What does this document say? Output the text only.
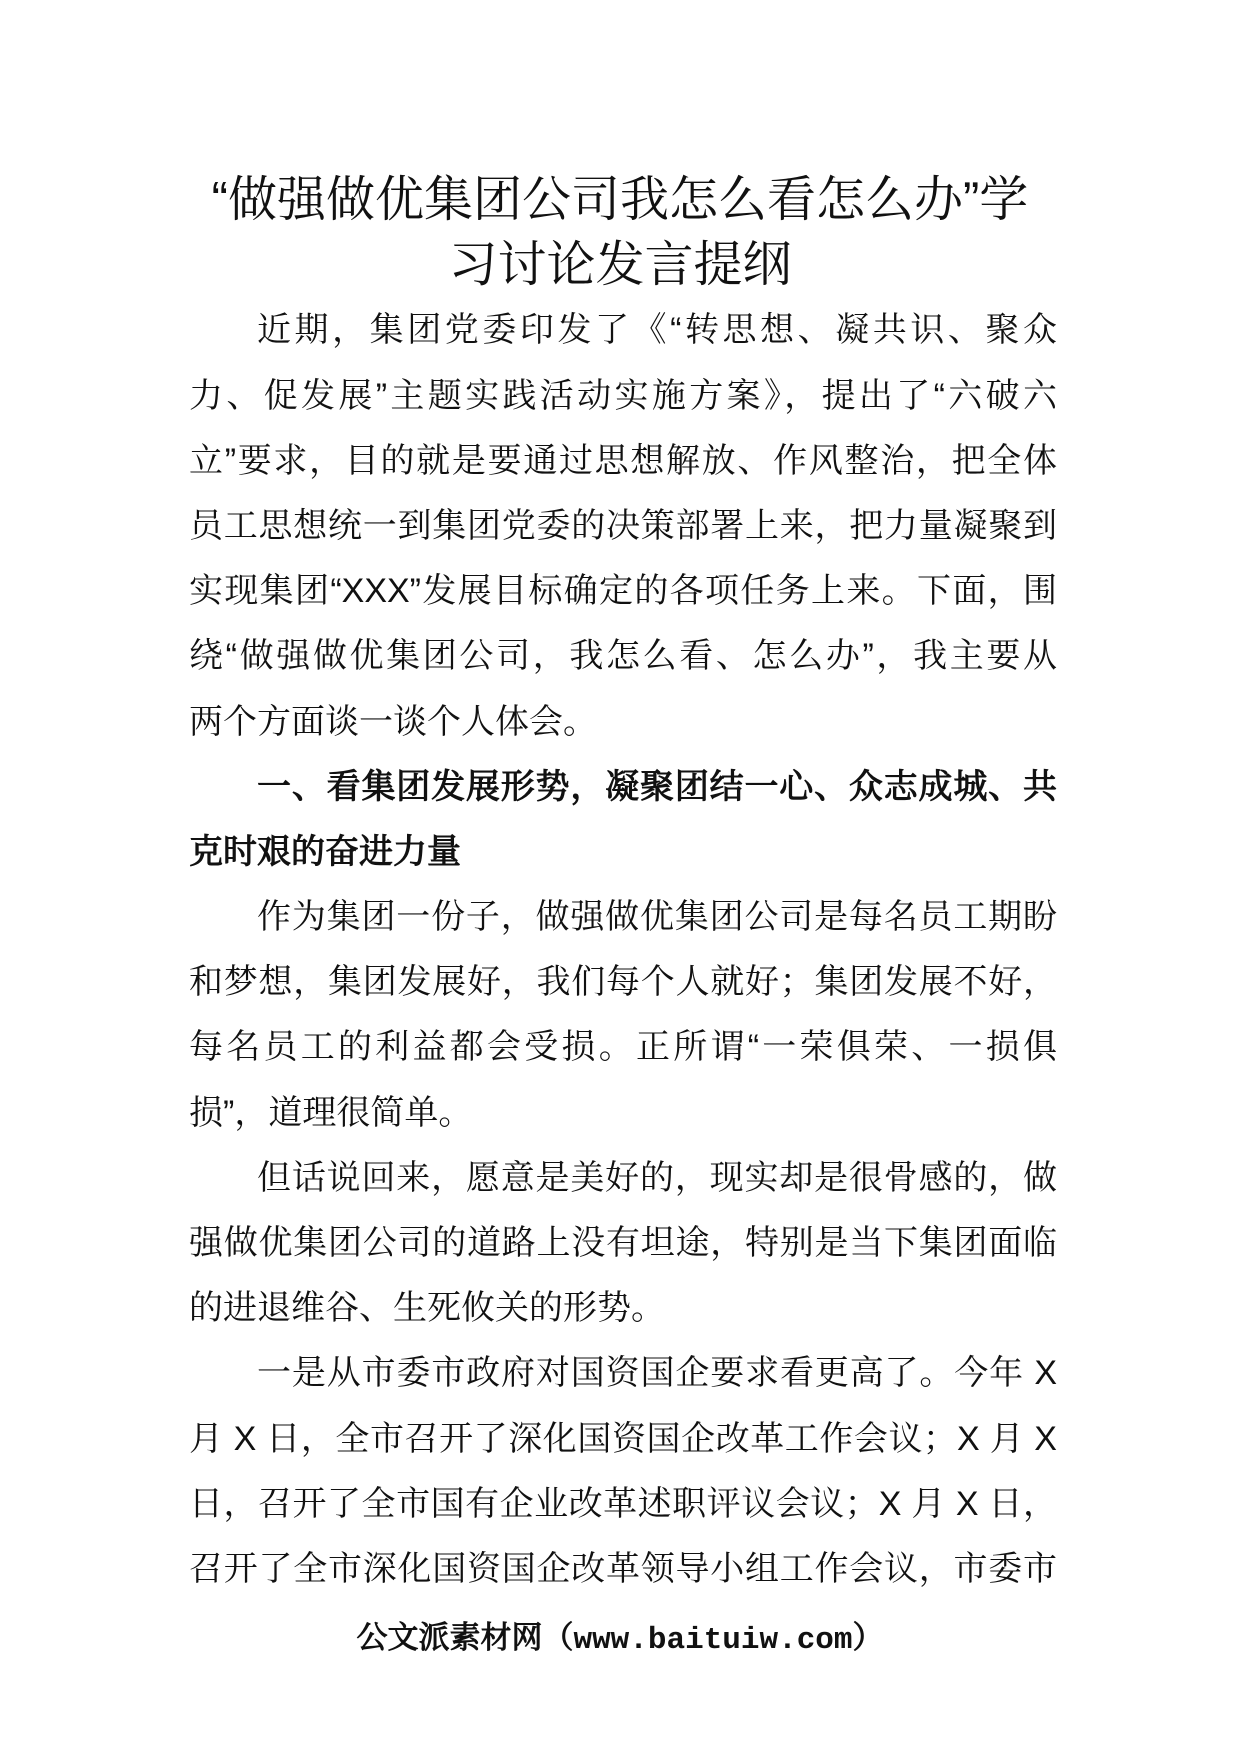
“做强做优集团公司我怎么看怎么办”学
习讨论发言提纲
近期，集团党委印发了《“转思想、凝共识、聚众
力、促发展”主题实践活动实施方案》，提出了“六破六
立”要求，目的就是要通过思想解放、作风整治，把全体
员工思想统一到集团党委的决策部署上来，把力量凝聚到
实现集团“XXX”发展目标确定的各项任务上来。下面，围
绕“做强做优集团公司，我怎么看、怎么办”，我主要从
两个方面谈一谈个人体会。
一、看集团发展形势，凝聚团结一心、众志成城、共
克时艰的奋进力量
作为集团一份子，做强做优集团公司是每名员工期盼
和梦想，集团发展好，我们每个人就好；集团发展不好，
每名员工的利益都会受损。正所谓“一荣俱荣、一损俱
损”，道理很简单。
但话说回来，愿意是美好的，现实却是很骨感的，做
强做优集团公司的道路上没有坦途，特别是当下集团面临
的进退维谷、生死攸关的形势。
一是从市委市政府对国资国企要求看更高了。今年 X
月 X 日，全市召开了深化国资国企改革工作会议；X 月 X
日，召开了全市国有企业改革述职评议会议；X 月 X 日，
召开了全市深化国资国企改革领导小组工作会议，市委市
公文派素材网（www.baituiw.com）
